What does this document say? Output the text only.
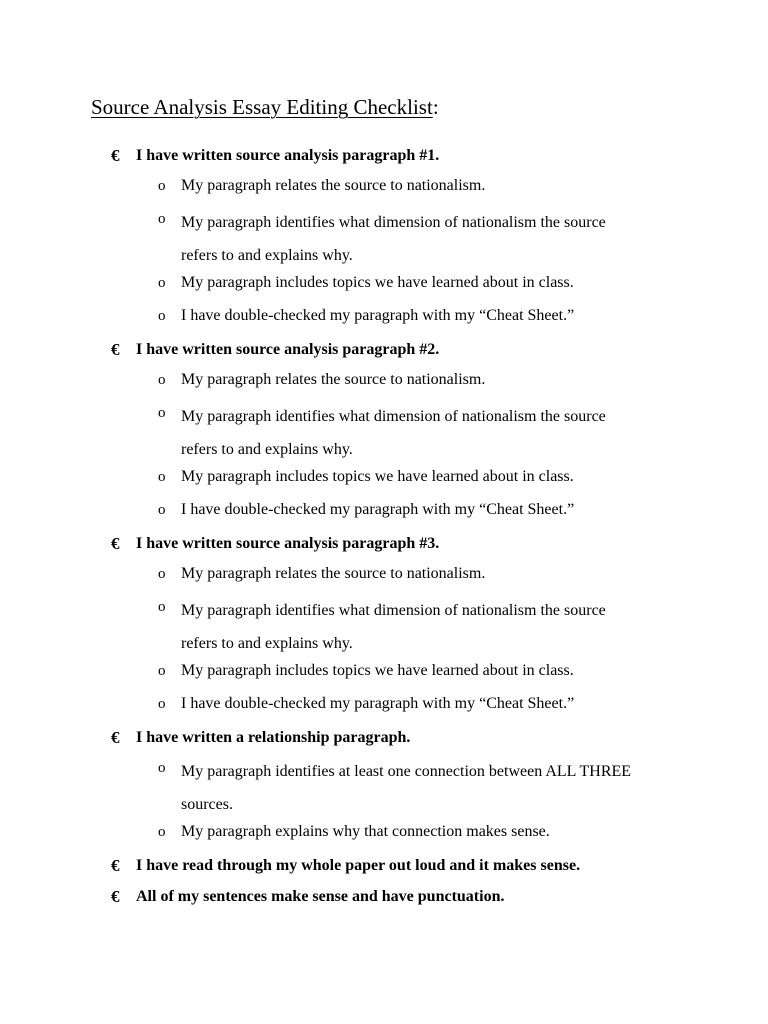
Source Analysis Essay Editing Checklist:
€ I have written source analysis paragraph #1.
o My paragraph relates the source to nationalism.
o My paragraph identifies what dimension of nationalism the source
refers to and explains why.
o My paragraph includes topics we have learned about in class.
o I have double-checked my paragraph with my “Cheat Sheet.”
€ I have written source analysis paragraph #2.
o My paragraph relates the source to nationalism.
o My paragraph identifies what dimension of nationalism the source
refers to and explains why.
o My paragraph includes topics we have learned about in class.
o I have double-checked my paragraph with my “Cheat Sheet.”
€ I have written source analysis paragraph #3.
o My paragraph relates the source to nationalism.
o My paragraph identifies what dimension of nationalism the source
refers to and explains why.
o My paragraph includes topics we have learned about in class.
o I have double-checked my paragraph with my “Cheat Sheet.”
€ I have written a relationship paragraph.
o My paragraph identifies at least one connection between ALL THREE
sources.
o My paragraph explains why that connection makes sense.
€ I have read through my whole paper out loud and it makes sense.
€ All of my sentences make sense and have punctuation.
